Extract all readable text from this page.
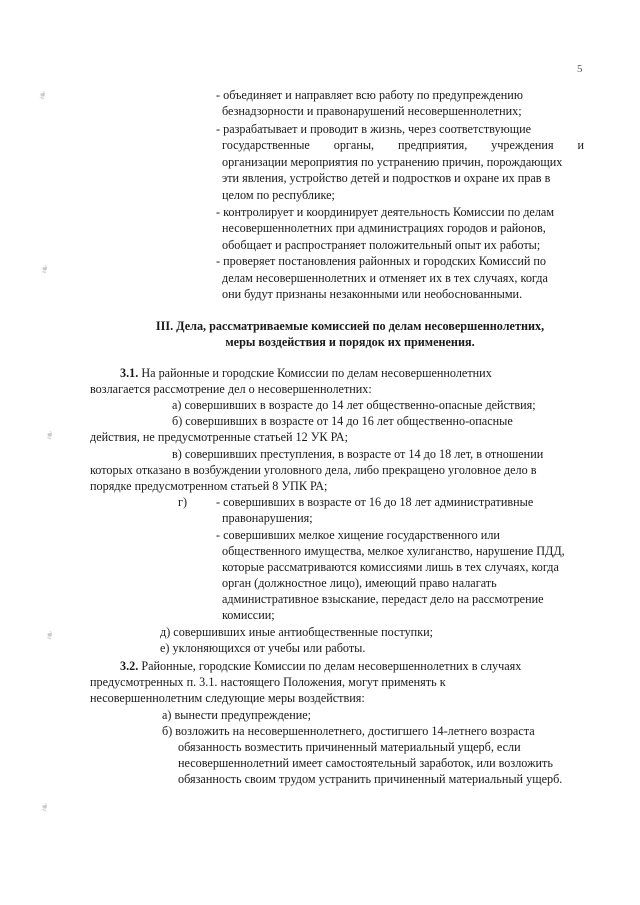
5
❧
❧
❧
❧
❧
- объединяет и направляет всю работу по предупреждению
безнадзорности и правонарушений несовершеннолетних;
- разрабатывает и проводит в жизнь, через соответствующие
государственные органы, предприятия, учреждения и
организации мероприятия по устранению причин, порождающих
эти явления, устройство детей и подростков и охране их прав в
целом по республике;
- контролирует и координирует деятельность Комиссии по делам
несовершеннолетних при администрациях городов и районов,
обобщает и распространяет положительный опыт их работы;
- проверяет постановления районных и городских Комиссий по
делам несовершеннолетних и отменяет их в тех случаях, когда
они будут признаны незаконными или необоснованными.
III. Дела, рассматриваемые комиссией по делам несовершеннолетних,
меры воздействия и порядок их применения.
3.1. На районные и городские Комиссии по делам несовершеннолетних
возлагается рассмотрение дел о несовершеннолетних:
а) совершивших в возрасте до 14 лет общественно-опасные действия;
б) совершивших в возрасте от 14 до 16 лет общественно-опасные
действия, не предусмотренные статьей 12 УК РА;
в) совершивших преступления, в возрасте от 14 до 18 лет, в отношении
которых отказано в возбуждении уголовного дела, либо прекращено уголовное дело в
порядке предусмотренном статьей 8 УПК РА;
г) - совершивших в возрасте от 16 до 18 лет административные
правонарушения;
- совершивших мелкое хищение государственного или
общественного имущества, мелкое хулиганство, нарушение ПДД,
которые рассматриваются комиссиями лишь в тех случаях, когда
орган (должностное лицо), имеющий право налагать
административное взыскание, передаст дело на рассмотрение
комиссии;
д) совершивших иные антиобщественные поступки;
е) уклоняющихся от учебы или работы.
3.2. Районные, городские Комиссии по делам несовершеннолетних в случаях
предусмотренных п. 3.1. настоящего Положения, могут применять к
несовершеннолетним следующие меры воздействия:
а) вынести предупреждение;
б) возложить на несовершеннолетнего, достигшего 14-летнего возраста
обязанность возместить причиненный материальный ущерб, если
несовершеннолетний имеет самостоятельный заработок, или возложить
обязанность своим трудом устранить причиненный материальный ущерб.
